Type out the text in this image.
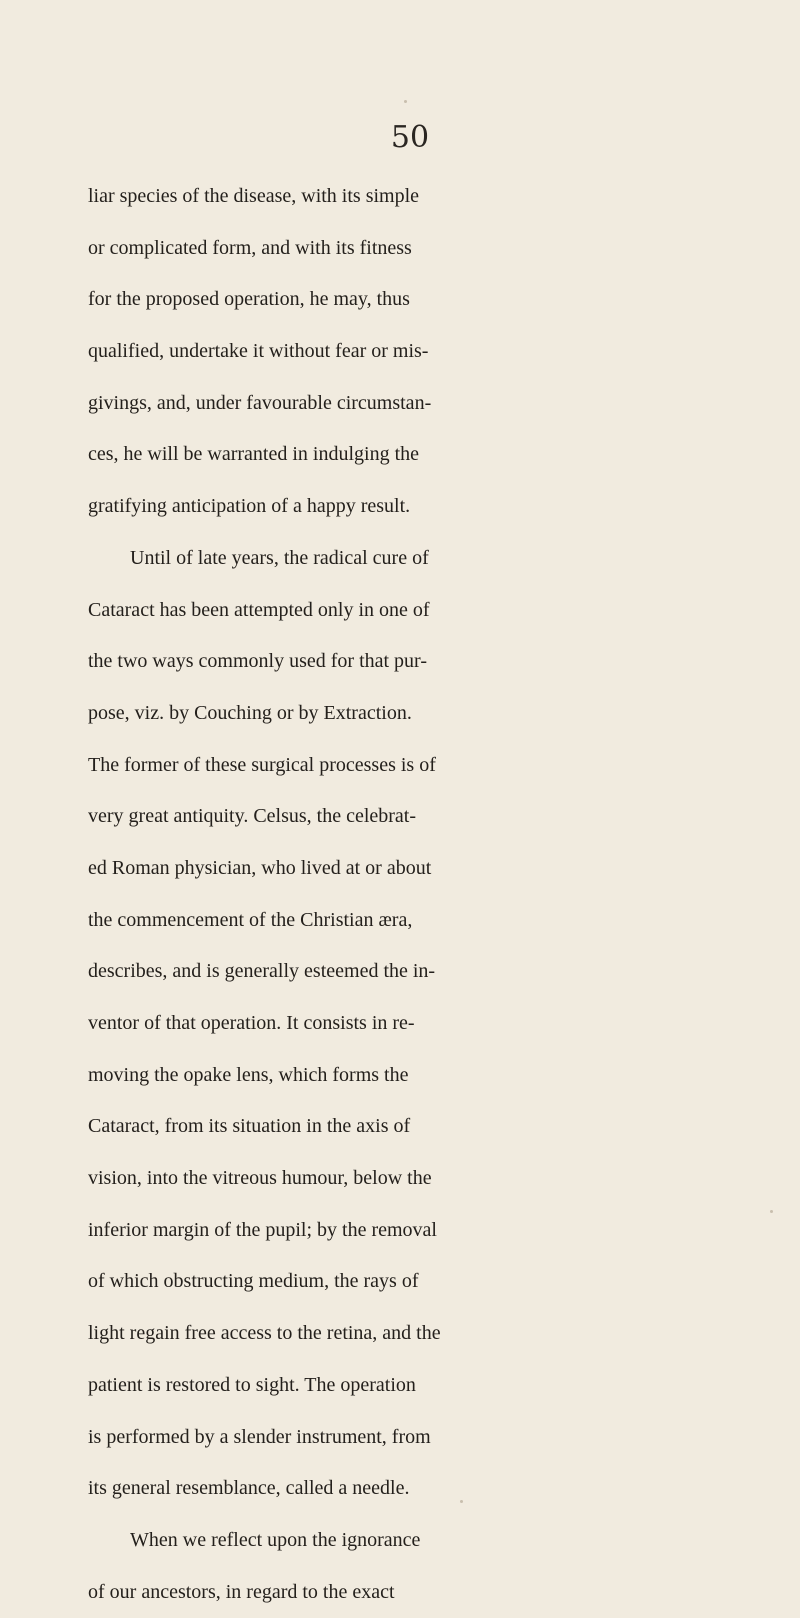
50
liar species of the disease, with its simple
or complicated form, and with its fitness
for the proposed operation, he may, thus
qualified, undertake it without fear or mis-
givings, and, under favourable circumstan-
ces, he will be warranted in indulging the
gratifying anticipation of a happy result.
Until of late years, the radical cure of
Cataract has been attempted only in one of
the two ways commonly used for that pur-
pose, viz. by Couching or by Extraction.
The former of these surgical processes is of
very great antiquity. Celsus, the celebrat-
ed Roman physician, who lived at or about
the commencement of the Christian æra,
describes, and is generally esteemed the in-
ventor of that operation. It consists in re-
moving the opake lens, which forms the
Cataract, from its situation in the axis of
vision, into the vitreous humour, below the
inferior margin of the pupil; by the removal
of which obstructing medium, the rays of
light regain free access to the retina, and the
patient is restored to sight. The operation
is performed by a slender instrument, from
its general resemblance, called a needle.
When we reflect upon the ignorance
of our ancestors, in regard to the exact
